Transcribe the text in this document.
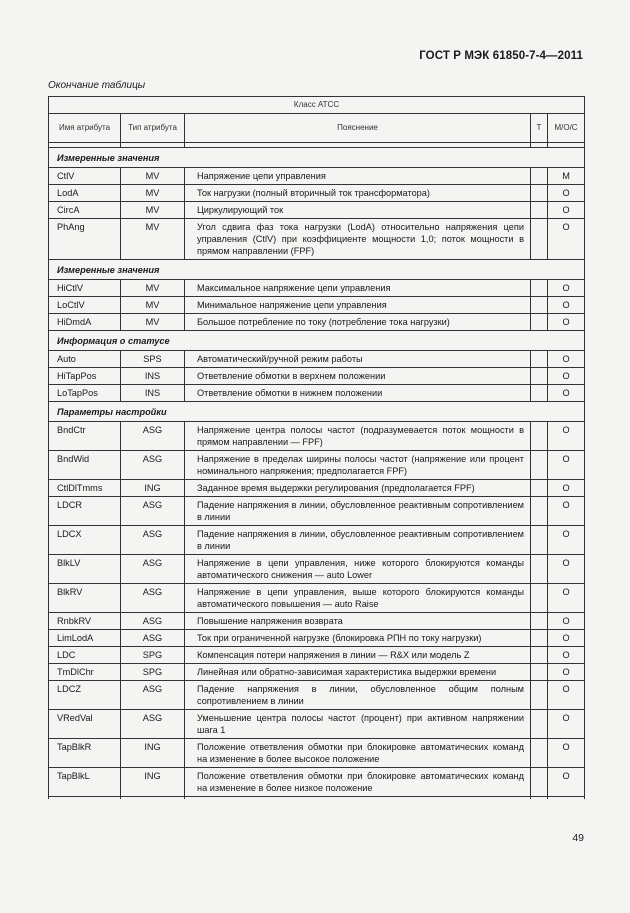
ГОСТ Р МЭК 61850-7-4—2011
Окончание таблицы
Класс ATCC				
Имя атрибута	Тип атрибута	Пояснение	T	M/O/C

Измеренные значения				
CtlV	MV	Напряжение цепи управления		M
LodA	MV	Ток нагрузки (полный вторичный ток трансформатора)		O
CircA	MV	Циркулирующий ток		O
PhAng	MV	Угол сдвига фаз тока нагрузки (LodA) относительно напряжения цепи управления (CtlV) при коэффициенте мощности 1,0; поток мощности в прямом направлении (FPF)		O
Измеренные значения				
HiCtlV	MV	Максимальное напряжение цепи управления		O
LoCtlV	MV	Минимальное напряжение цепи управления		O
HiDmdA	MV	Большое потребление по току (потребление тока нагрузки)		O
Информация о статусе				
Auto	SPS	Автоматический/ручной режим работы		O
HiTapPos	INS	Ответвление обмотки в верхнем положении		O
LoTapPos	INS	Ответвление обмотки в нижнем положении		O
Параметры настройки				
BndCtr	ASG	Напряжение центра полосы частот (подразумевается поток мощности в прямом направлении — FPF)		O
BndWid	ASG	Напряжение в пределах ширины полосы частот (напряжение или процент номинального напряжения; предполагается FPF)		O
CtlDlTmms	ING	Заданное время выдержки регулирования (предполагается FPF)		O
LDCR	ASG	Падение напряжения в линии, обусловленное реактивным сопротивлением в линии		O
LDCX	ASG	Падение напряжения в линии, обусловленное реактивным сопротивлением в линии		O
BlkLV	ASG	Напряжение в цепи управления, ниже которого блокируются команды автоматического снижения — auto Lower		O
BlkRV	ASG	Напряжение в цепи управления, выше которого блокируются команды автоматического повышения — auto Raise		O
RnbkRV	ASG	Повышение напряжения возврата		O
LimLodA	ASG	Ток при ограниченной нагрузке (блокировка РПН по току нагрузки)		O
LDC	SPG	Компенсация потери напряжения в линии — R&X или модель Z		O
TmDlChr	SPG	Линейная или обратно-зависимая характеристика выдержки времени		O
LDCZ	ASG	Падение напряжения в линии, обусловленное общим полным сопротивлением в линии		O
VRedVal	ASG	Уменьшение центра полосы частот (процент) при активном напряжении шага 1		O
TapBlkR	ING	Положение ответвления обмотки при блокировке автоматических команд на изменение в более высокое положение		O
TapBlkL	ING	Положение ответвления обмотки при блокировке автоматических команд на изменение в более низкое положение		O

49
